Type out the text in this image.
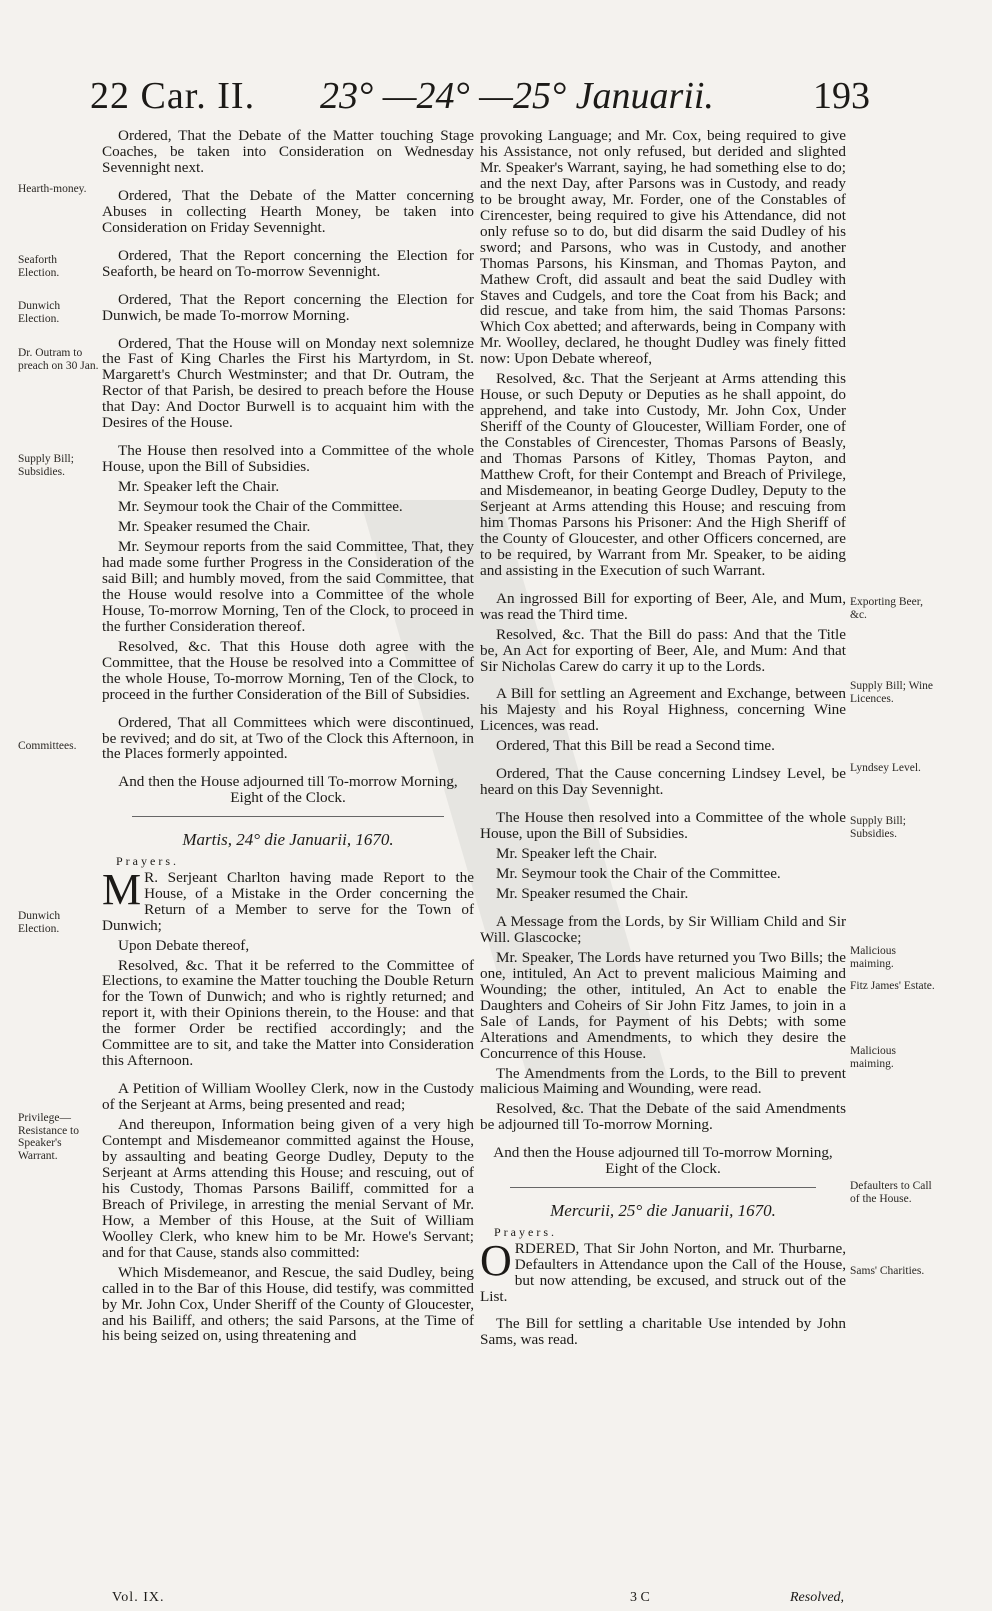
22 Car. II. 23° —24° —25° Januarii.	193
Hearth-money.
Seaforth Election.
Dunwich Election.
Dr. Outram to preach on 30 Jan.
Supply Bill; Subsidies.
Committees.
Dunwich Election.
Privilege—Resistance to Speaker's Warrant.
Exporting Beer, &c.
Supply Bill; Wine Licences.
Lyndsey Level.
Supply Bill; Subsidies.
Malicious maiming.
Fitz James' Estate.
Malicious maiming.
Defaulters to Call of the House.
Sams' Charities.

Ordered, That the Debate of the Matter touching Stage Coaches, be taken into Consideration on Wednesday Sevennight next.

Ordered, That the Debate of the Matter concerning Abuses in collecting Hearth Money, be taken into Consideration on Friday Sevennight.

Ordered, That the Report concerning the Election for Seaforth, be heard on To-morrow Sevennight.

Ordered, That the Report concerning the Election for Dunwich, be made To-morrow Morning.

Ordered, That the House will on Monday next solemnize the Fast of King Charles the First his Martyrdom, in St. Margarett's Church Westminster; and that Dr. Outram, the Rector of that Parish, be desired to preach before the House that Day: And Doctor Burwell is to acquaint him with the Desires of the House.

The House then resolved into a Committee of the whole House, upon the Bill of Subsidies.

Mr. Speaker left the Chair.

Mr. Seymour took the Chair of the Committee.

Mr. Speaker resumed the Chair.

Mr. Seymour reports from the said Committee, That, they had made some further Progress in the Consideration of the said Bill; and humbly moved, from the said Committee, that the House would resolve into a Committee of the whole House, To-morrow Morning, Ten of the Clock, to proceed in the further Consideration thereof.

Resolved, &c. That this House doth agree with the Committee, that the House be resolved into a Committee of the whole House, To-morrow Morning, Ten of the Clock, to proceed in the further Consideration of the Bill of Subsidies.

Ordered, That all Committees which were discontinued, be revived; and do sit, at Two of the Clock this Afternoon, in the Places formerly appointed.

And then the House adjourned till To-morrow Morning, Eight of the Clock.

Martis, 24° die Januarii, 1670.
Prayers.

M R. Serjeant Charlton having made Report to the House, of a Mistake in the Order concerning the Return of a Member to serve for the Town of Dunwich;

Upon Debate thereof,

Resolved, &c. That it be referred to the Committee of Elections, to examine the Matter touching the Double Return for the Town of Dunwich; and who is rightly returned; and report it, with their Opinions therein, to the House: and that the former Order be rectified accordingly; and the Committee are to sit, and take the Matter into Consideration this Afternoon.

A Petition of William Woolley Clerk, now in the Custody of the Serjeant at Arms, being presented and read;

And thereupon, Information being given of a very high Contempt and Misdemeanor committed against the House, by assaulting and beating George Dudley, Deputy to the Serjeant at Arms attending this House; and rescuing, out of his Custody, Thomas Parsons Bailiff, committed for a Breach of Privilege, in arresting the menial Servant of Mr. How, a Member of this House, at the Suit of William Woolley Clerk, who knew him to be Mr. Howe's Servant; and for that Cause, stands also committed:

Which Misdemeanor, and Rescue, the said Dudley, being called in to the Bar of this House, did testify, was committed by Mr. John Cox, Under Sheriff of the County of Gloucester, and his Bailiff, and others; the said Parsons, at the Time of his being seized on, using threatening and

provoking Language; and Mr. Cox, being required to give his Assistance, not only refused, but derided and slighted Mr. Speaker's Warrant, saying, he had something else to do; and the next Day, after Parsons was in Custody, and ready to be brought away, Mr. Forder, one of the Constables of Cirencester, being required to give his Attendance, did not only refuse so to do, but did disarm the said Dudley of his sword; and Parsons, who was in Custody, and another Thomas Parsons, his Kinsman, and Thomas Payton, and Mathew Croft, did assault and beat the said Dudley with Staves and Cudgels, and tore the Coat from his Back; and did rescue, and take from him, the said Thomas Parsons: Which Cox abetted; and afterwards, being in Company with Mr. Woolley, declared, he thought Dudley was finely fitted now: Upon Debate whereof,

Resolved, &c. That the Serjeant at Arms attending this House, or such Deputy or Deputies as he shall appoint, do apprehend, and take into Custody, Mr. John Cox, Under Sheriff of the County of Gloucester, William Forder, one of the Constables of Cirencester, Thomas Parsons of Beasly, and Thomas Parsons of Kitley, Thomas Payton, and Matthew Croft, for their Contempt and Breach of Privilege, and Misdemeanor, in beating George Dudley, Deputy to the Serjeant at Arms attending this House; and rescuing from him Thomas Parsons his Prisoner: And the High Sheriff of the County of Gloucester, and other Officers concerned, are to be required, by Warrant from Mr. Speaker, to be aiding and assisting in the Execution of such Warrant.

An ingrossed Bill for exporting of Beer, Ale, and Mum, was read the Third time.

Resolved, &c. That the Bill do pass: And that the Title be, An Act for exporting of Beer, Ale, and Mum: And that Sir Nicholas Carew do carry it up to the Lords.

A Bill for settling an Agreement and Exchange, between his Majesty and his Royal Highness, concerning Wine Licences, was read.

Ordered, That this Bill be read a Second time.

Ordered, That the Cause concerning Lindsey Level, be heard on this Day Sevennight.

The House then resolved into a Committee of the whole House, upon the Bill of Subsidies.

Mr. Speaker left the Chair.

Mr. Seymour took the Chair of the Committee.

Mr. Speaker resumed the Chair.

A Message from the Lords, by Sir William Child and Sir Will. Glascocke;

Mr. Speaker, The Lords have returned you Two Bills; the one, intituled, An Act to prevent malicious Maiming and Wounding; the other, intituled, An Act to enable the Daughters and Coheirs of Sir John Fitz James, to join in a Sale of Lands, for Payment of his Debts; with some Alterations and Amendments, to which they desire the Concurrence of this House.

The Amendments from the Lords, to the Bill to prevent malicious Maiming and Wounding, were read.

Resolved, &c. That the Debate of the said Amendments be adjourned till To-morrow Morning.

And then the House adjourned till To-morrow Morning, Eight of the Clock.

Mercurii, 25° die Januarii, 1670.
Prayers.

ORDERED, That Sir John Norton, and Mr. Thurbarne, Defaulters in Attendance upon the Call of the House, but now attending, be excused, and struck out of the List.

The Bill for settling a charitable Use intended by John Sams, was read.

Vol. IX.	3 C	Resolved,
